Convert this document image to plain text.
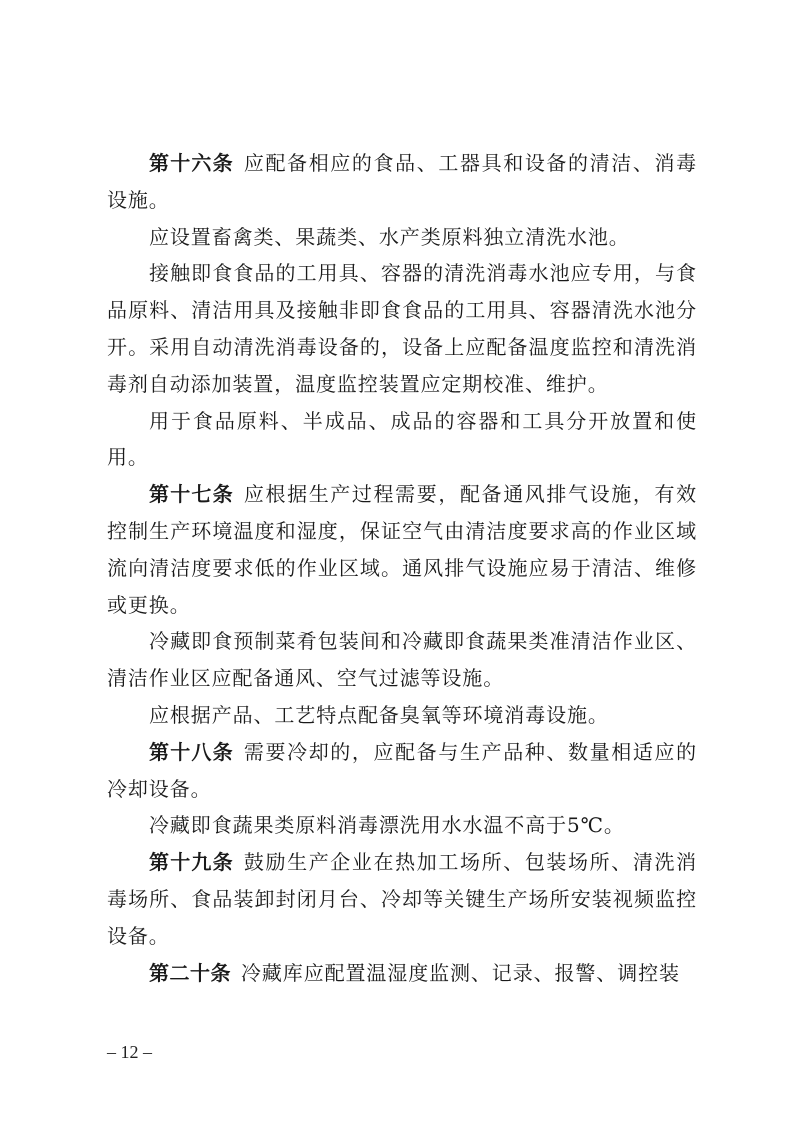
第十六条 应配备相应的食品、工器具和设备的清洁、消毒设施。

应设置畜禽类、果蔬类、水产类原料独立清洗水池。

接触即食食品的工用具、容器的清洗消毒水池应专用，与食品原料、清洁用具及接触非即食食品的工用具、容器清洗水池分开。采用自动清洗消毒设备的，设备上应配备温度监控和清洗消毒剂自动添加装置，温度监控装置应定期校准、维护。

用于食品原料、半成品、成品的容器和工具分开放置和使用。

第十七条 应根据生产过程需要，配备通风排气设施，有效控制生产环境温度和湿度，保证空气由清洁度要求高的作业区域流向清洁度要求低的作业区域。通风排气设施应易于清洁、维修或更换。

冷藏即食预制菜肴包装间和冷藏即食蔬果类准清洁作业区、清洁作业区应配备通风、空气过滤等设施。

应根据产品、工艺特点配备臭氧等环境消毒设施。

第十八条 需要冷却的，应配备与生产品种、数量相适应的冷却设备。

冷藏即食蔬果类原料消毒漂洗用水水温不高于5℃。

第十九条 鼓励生产企业在热加工场所、包装场所、清洗消毒场所、食品装卸封闭月台、冷却等关键生产场所安装视频监控设备。

第二十条 冷藏库应配置温湿度监测、记录、报警、调控装

– 12 –
